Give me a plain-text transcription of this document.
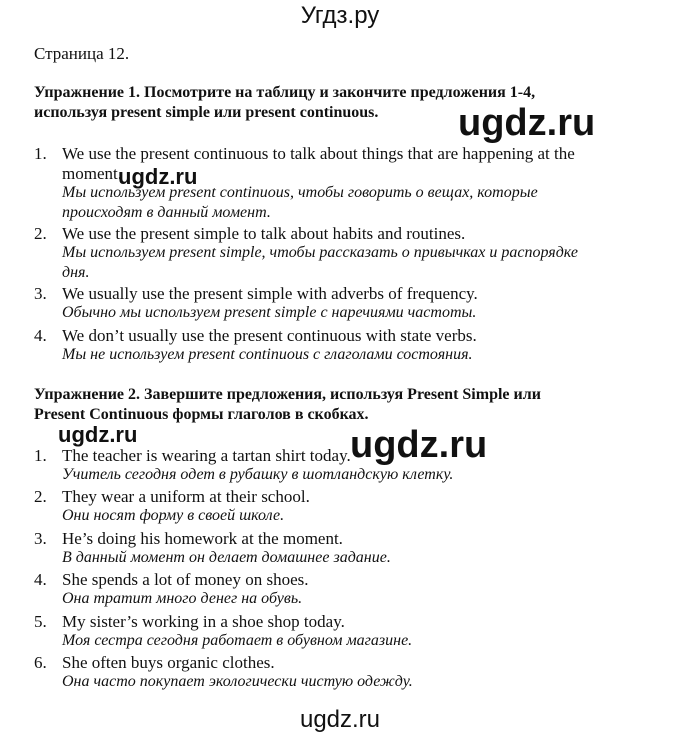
Угдз.ру
Страница 12.
Упражнение 1. Посмотрите на таблицу и закончите предложения 1-4,
используя present simple или present continuous.
1. We use the present continuous to talk about things that are happening at the
moment.
Мы используем present continuous, чтобы говорить о вещах, которые
происходят в данный момент.
2. We use the present simple to talk about habits and routines.
Мы используем present simple, чтобы рассказать о привычках и распорядке
дня.
3. We usually use the present simple with adverbs of frequency.
Обычно мы используем present simple с наречиями частоты.
4. We don’t usually use the present continuous with state verbs.
Мы не используем present continuous с глаголами состояния.
Упражнение 2. Завершите предложения, используя Present Simple или
Present Continuous формы глаголов в скобках.
1. The teacher is wearing a tartan shirt today.
Учитель сегодня одет в рубашку в шотландскую клетку.
2. They wear a uniform at their school.
Они носят форму в своей школе.
3. He’s doing his homework at the moment.
В данный момент он делает домашнее задание.
4. She spends a lot of money on shoes.
Она тратит много денег на обувь.
5. My sister’s working in a shoe shop today.
Моя сестра сегодня работает в обувном магазине.
6. She often buys organic clothes.
Она часто покупает экологически чистую одежду.
ugdz.ru
ugdz.ru
ugdz.ru	ugdz.ru
ugdz.ru
